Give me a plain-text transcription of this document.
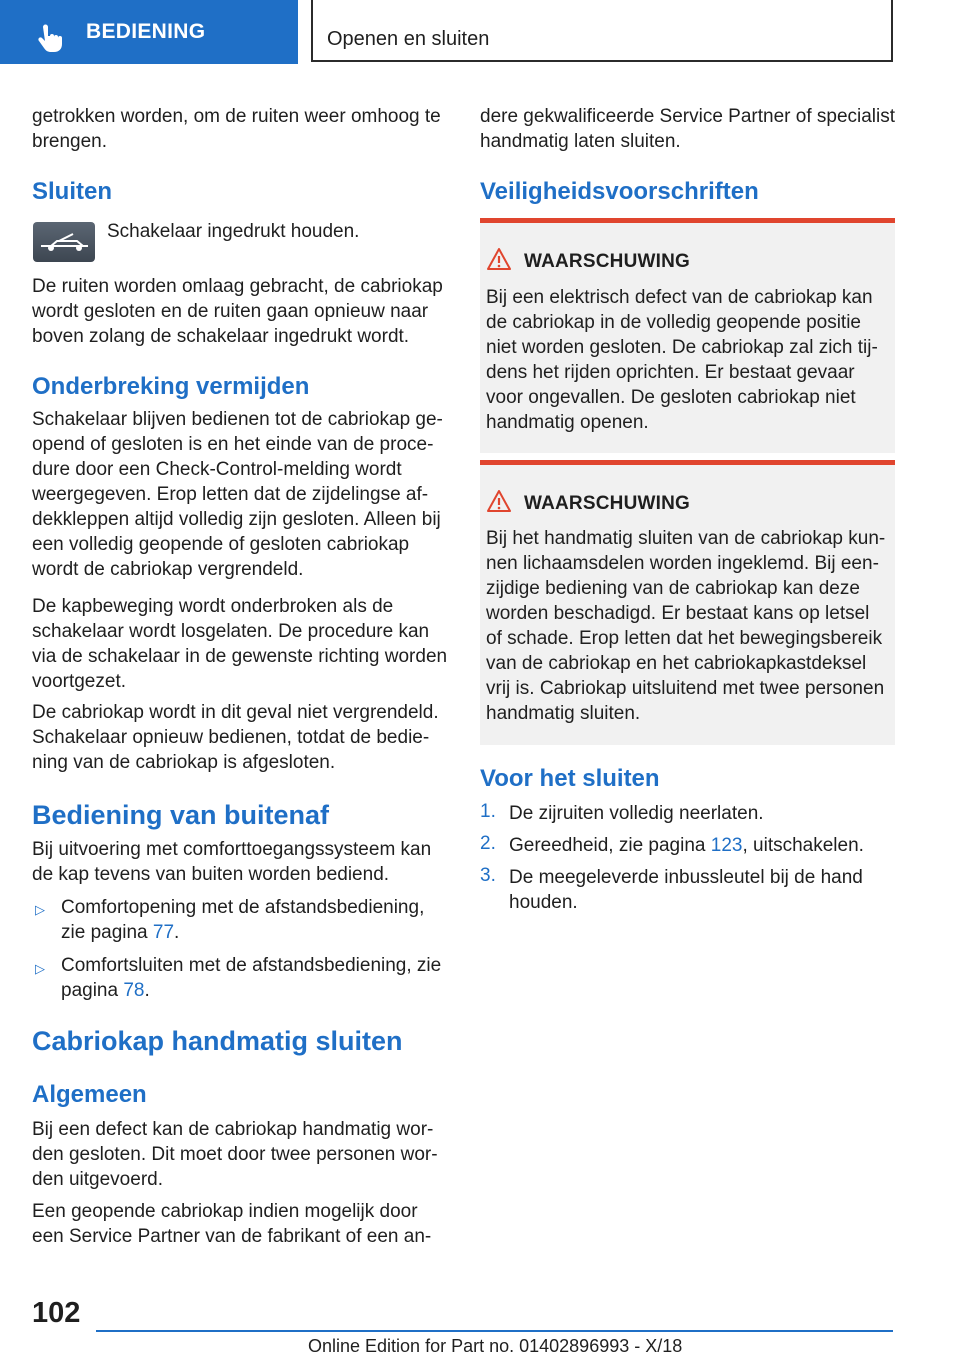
BEDIENING	Openen en sluiten
getrokken worden, om de ruiten weer omhoog te
brengen.
Sluiten
Schakelaar ingedrukt houden.
De ruiten worden omlaag gebracht, de cabriokap
wordt gesloten en de ruiten gaan opnieuw naar
boven zolang de schakelaar ingedrukt wordt.
Onderbreking vermijden
Schakelaar blijven bedienen tot de cabriokap ge-
opend of gesloten is en het einde van de proce-
dure door een Check-Control-melding wordt
weergegeven. Erop letten dat de zijdelingse af-
dekkleppen altijd volledig zijn gesloten. Alleen bij
een volledig geopende of gesloten cabriokap
wordt de cabriokap vergrendeld.
De kapbeweging wordt onderbroken als de
schakelaar wordt losgelaten. De procedure kan
via de schakelaar in de gewenste richting worden
voortgezet.
De cabriokap wordt in dit geval niet vergrendeld.
Schakelaar opnieuw bedienen, totdat de bedie-
ning van de cabriokap is afgesloten.
Bediening van buitenaf
Bij uitvoering met comforttoegangssysteem kan
de kap tevens van buiten worden bediend.
▷ Comfortopening met de afstandsbediening,
zie pagina 77.
▷ Comfortsluiten met de afstandsbediening, zie
pagina 78.
Cabriokap handmatig sluiten
Algemeen
Bij een defect kan de cabriokap handmatig wor-
den gesloten. Dit moet door twee personen wor-
den uitgevoerd.
Een geopende cabriokap indien mogelijk door
een Service Partner van de fabrikant of een an-
dere gekwalificeerde Service Partner of specialist
handmatig laten sluiten.
Veiligheidsvoorschriften
WAARSCHUWING
Bij een elektrisch defect van de cabriokap kan
de cabriokap in de volledig geopende positie
niet worden gesloten. De cabriokap zal zich tij-
dens het rijden oprichten. Er bestaat gevaar
voor ongevallen. De gesloten cabriokap niet
handmatig openen.
WAARSCHUWING
Bij het handmatig sluiten van de cabriokap kun-
nen lichaamsdelen worden ingeklemd. Bij een-
zijdige bediening van de cabriokap kan deze
worden beschadigd. Er bestaat kans op letsel
of schade. Erop letten dat het bewegingsbereik
van de cabriokap en het cabriokapkastdeksel
vrij is. Cabriokap uitsluitend met twee personen
handmatig sluiten.
Voor het sluiten
1. De zijruiten volledig neerlaten.
2. Gereedheid, zie pagina 123, uitschakelen.
3. De meegeleverde inbussleutel bij de hand
houden.
102
Online Edition for Part no. 01402896993 - X/18
